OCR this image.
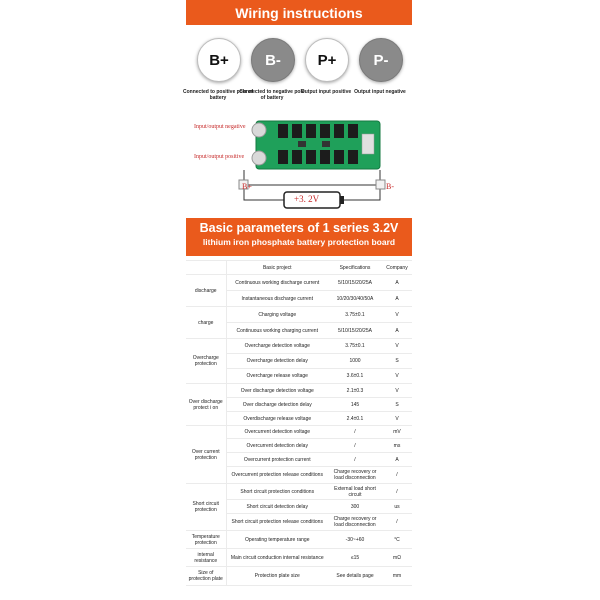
Wiring instructions
B+	B-	P+	P-
Connected to positive pole of battery
Connected to negative pole of battery
Output input positive Output input negative
Input/output negative
Input/output positive
B+	B-
+3. 2V
Basic parameters of 1 series 3.2V
lithium iron phosphate battery protection board
	Basic project	Specifications	Company
discharge	Continuous working discharge current	5/10/15/20/25A	A
	Instantaneous discharge current	10/20/30/40/50A	A
charge	Charging voltage	3.75±0.1	V
	Continuous working charging current	5/10/15/20/25A	A
Overcharge protection	Overcharge detection voltage	3.75±0.1	V
	Overcharge detection delay	1000	S
	Overcharge release voltage	3.6±0.1	V
Over discharge protect i on	Over discharge detection voltage	2.1±0.3	V
	Over discharge detection delay	145	S
	Overdischarge release voltage	2.4±0.1	V
Over current protection	Overcurrent detection voltage	/	mV
	Overcurrent detection delay	/	ms
	Overcurrent protection current	/	A
	Overcurrent protection release conditions	Charge recovery or load disconnection	/
Short circuit protection	Short circuit protection conditions	External load short circuit	/
	Short circuit detection delay	300	us
	Short circuit protection release conditions	Charge recovery or load disconnection	/
Temperature protection	Operating temperature range	-30~+60	°C
internal resistance	Main circuit conduction internal resistance	≤15	mΩ
Size of protection plate	Protection plate size	See details page	mm
